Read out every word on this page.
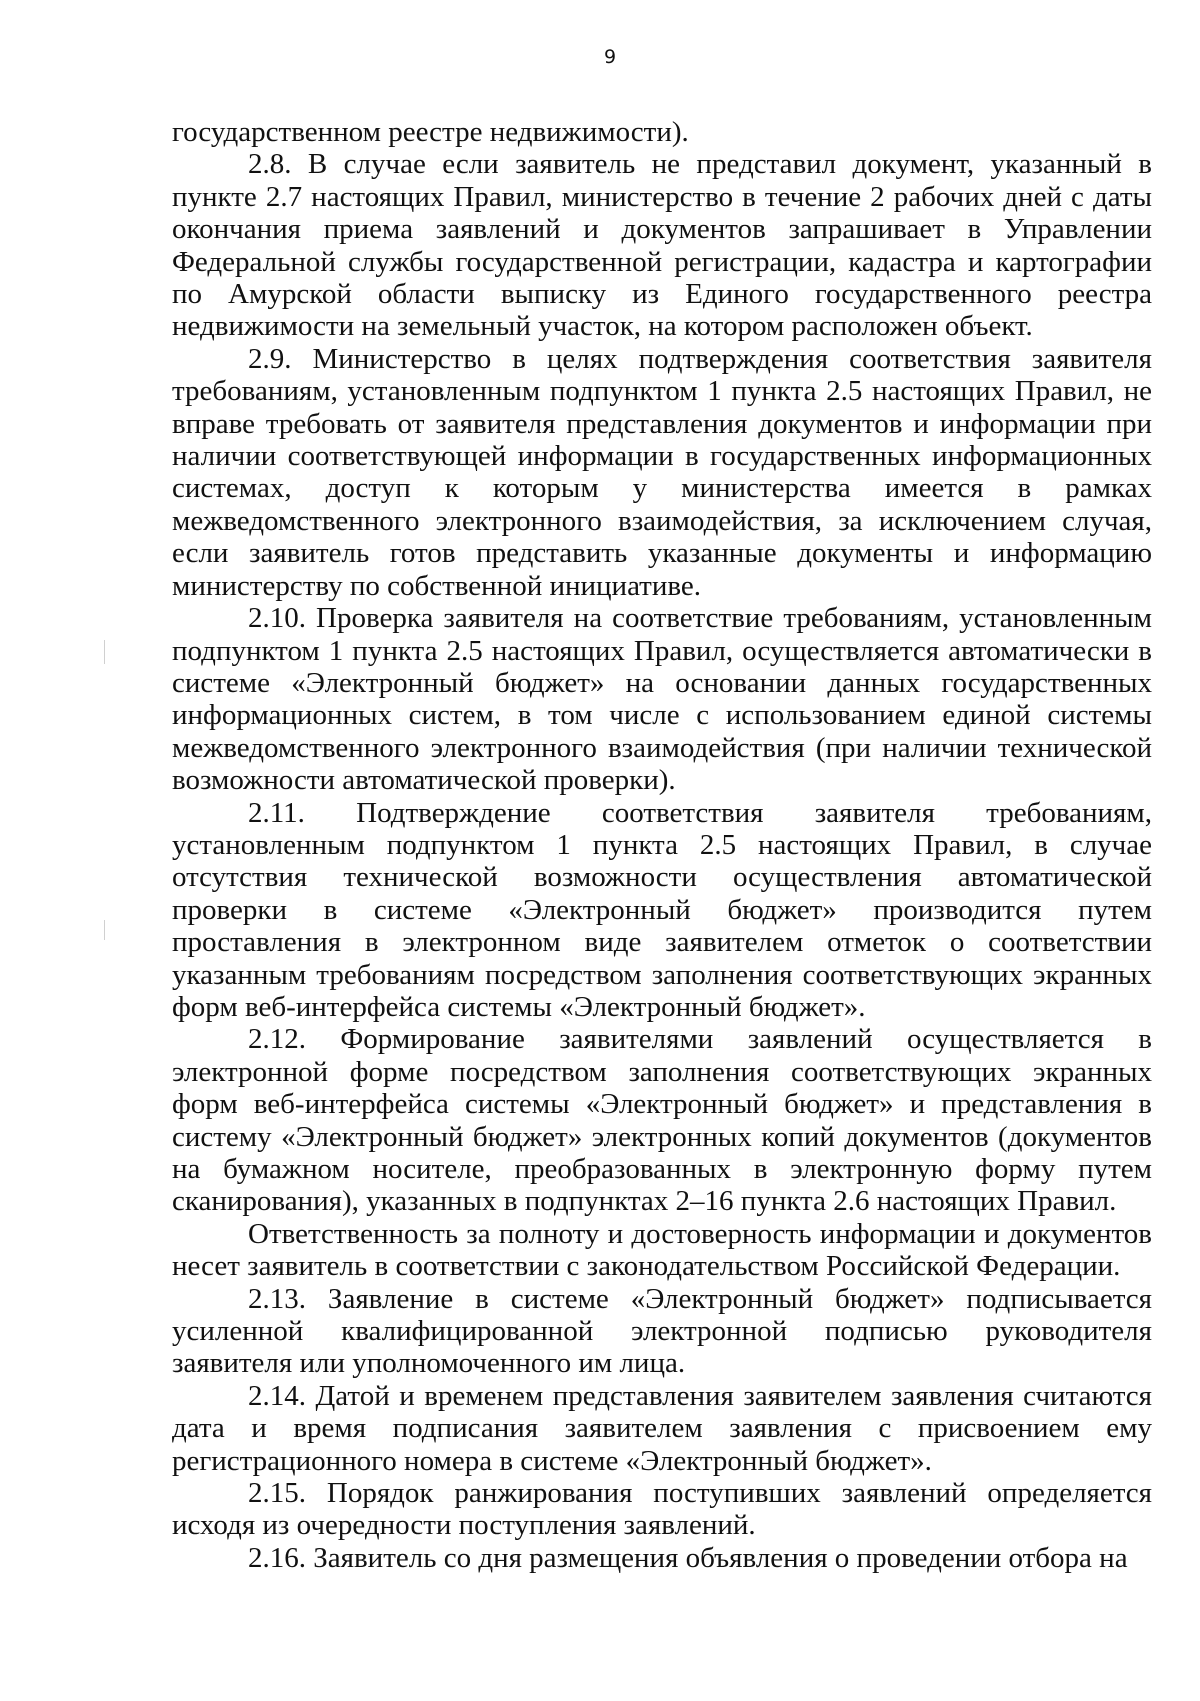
9

государственном реестре недвижимости).

2.8. В случае если заявитель не представил документ, указанный в пункте 2.7 настоящих Правил, министерство в течение 2 рабочих дней с даты окончания приема заявлений и документов запрашивает в Управлении Федеральной службы государственной регистрации, кадастра и картографии по Амурской области выписку из Единого государственного реестра недвижимости на земельный участок, на котором расположен объект.

2.9. Министерство в целях подтверждения соответствия заявителя требованиям, установленным подпунктом 1 пункта 2.5 настоящих Правил, не вправе требовать от заявителя представления документов и информации при наличии соответствующей информации в государственных информационных системах, доступ к которым у министерства имеется в рамках межведомственного электронного взаимодействия, за исключением случая, если заявитель готов представить указанные документы и информацию министерству по собственной инициативе.

2.10. Проверка заявителя на соответствие требованиям, установленным подпунктом 1 пункта 2.5 настоящих Правил, осуществляется автоматически в системе «Электронный бюджет» на основании данных государственных информационных систем, в том числе с использованием единой системы межведомственного электронного взаимодействия (при наличии технической возможности автоматической проверки).

2.11. Подтверждение соответствия заявителя требованиям, установленным подпунктом 1 пункта 2.5 настоящих Правил, в случае отсутствия технической возможности осуществления автоматической проверки в системе «Электронный бюджет» производится путем проставления в электронном виде заявителем отметок о соответствии указанным требованиям посредством заполнения соответствующих экранных форм веб-интерфейса системы «Электронный бюджет».

2.12. Формирование заявителями заявлений осуществляется в электронной форме посредством заполнения соответствующих экранных форм веб-интерфейса системы «Электронный бюджет» и представления в систему «Электронный бюджет» электронных копий документов (документов на бумажном носителе, преобразованных в электронную форму путем сканирования), указанных в подпунктах 2–16 пункта 2.6 настоящих Правил.

Ответственность за полноту и достоверность информации и документов несет заявитель в соответствии с законодательством Российской Федерации.

2.13. Заявление в системе «Электронный бюджет» подписывается усиленной квалифицированной электронной подписью руководителя заявителя или уполномоченного им лица.

2.14. Датой и временем представления заявителем заявления считаются дата и время подписания заявителем заявления с присвоением ему регистрационного номера в системе «Электронный бюджет».

2.15. Порядок ранжирования поступивших заявлений определяется исходя из очередности поступления заявлений.

2.16. Заявитель со дня размещения объявления о проведении отбора на
